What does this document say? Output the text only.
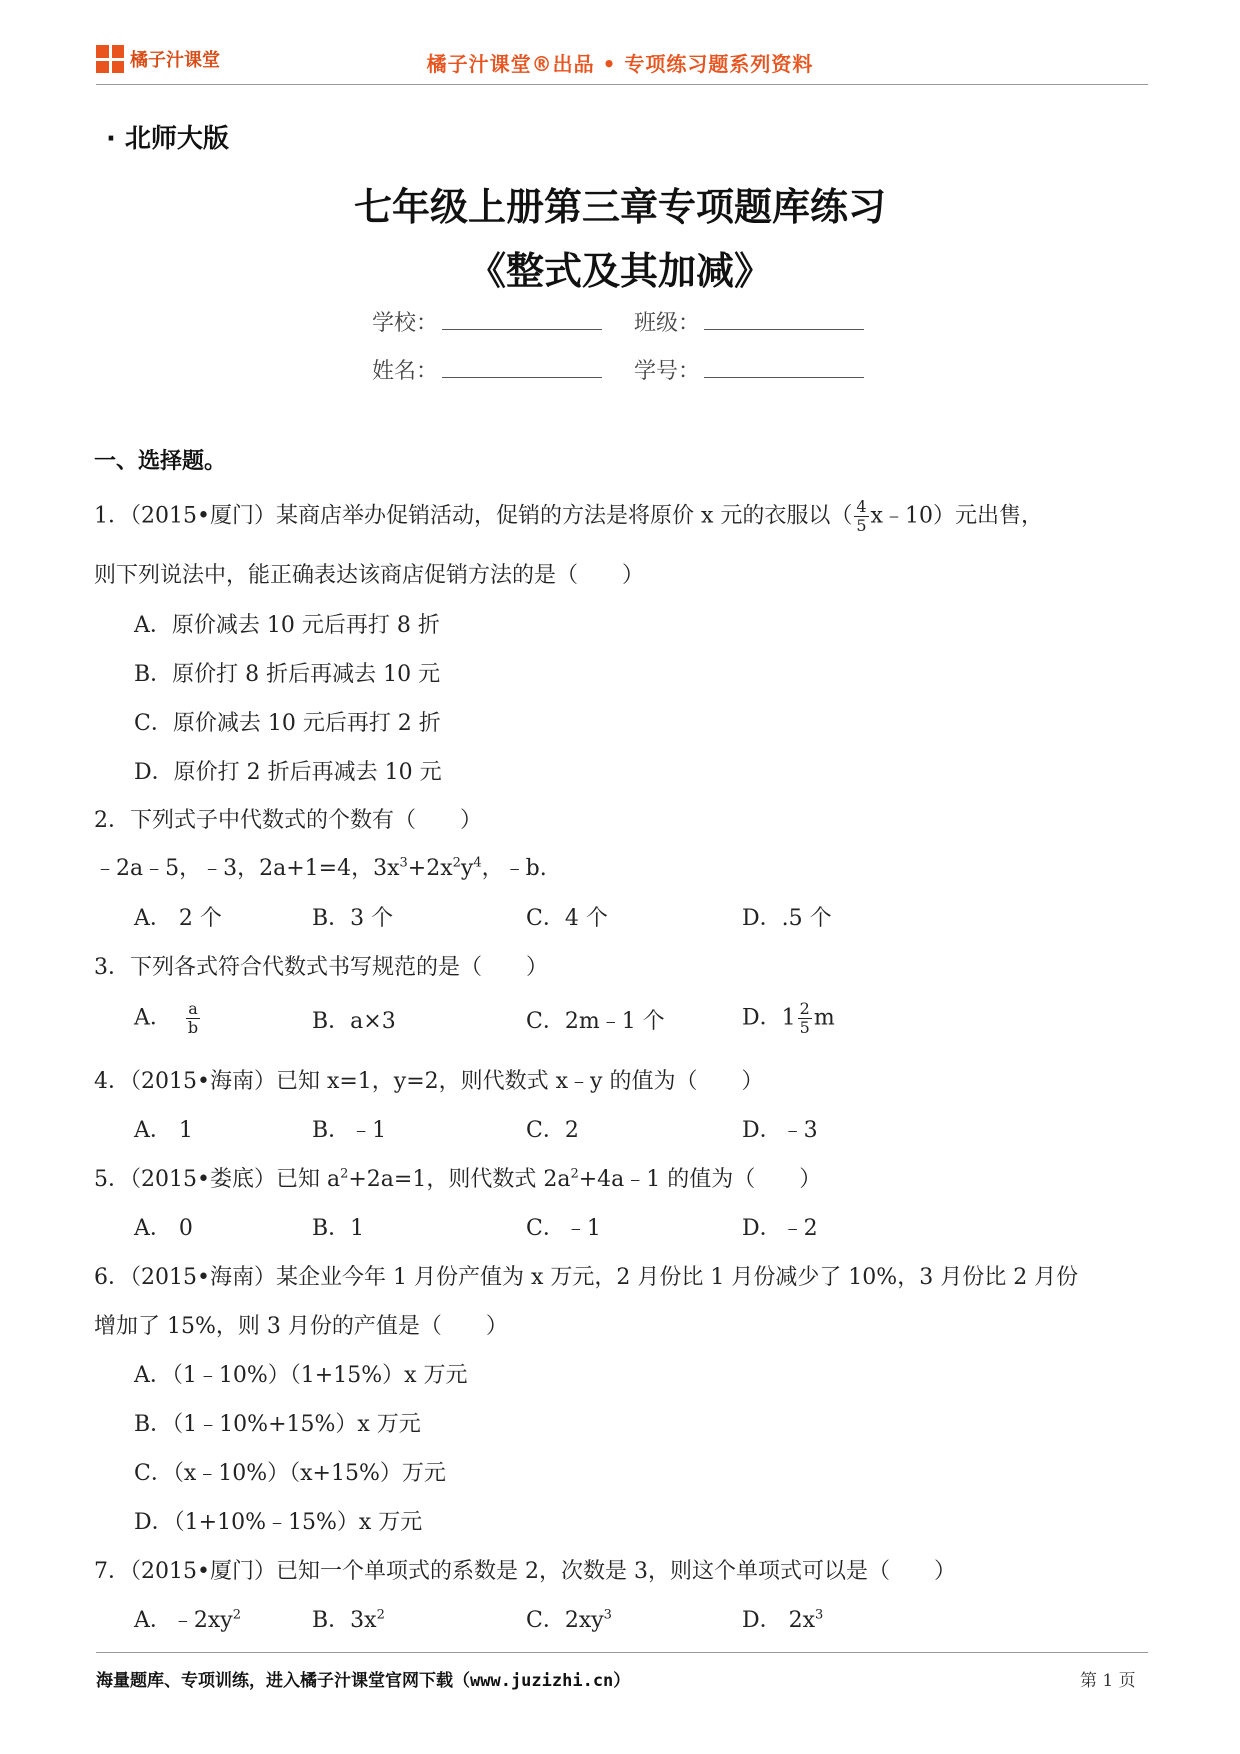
橘子汁课堂	橘子汁课堂®出品 • 专项练习题系列资料
· 北师大版
七年级上册第三章专项题库练习
《整式及其加减》
学校：	班级：
姓名：	学号：
一、选择题。
1．（2015•厦门）某商店举办促销活动，促销的方法是将原价 x 元的衣服以（ $\frac{4}{5}$ x﹣10）元出售，
则下列说法中，能正确表达该商店促销方法的是（　　）
A．原价减去 10 元后再打 8 折
B．原价打 8 折后再减去 10 元
C．原价减去 10 元后再打 2 折
D．原价打 2 折后再减去 10 元
2．下列式子中代数式的个数有（　　）
﹣2a﹣5，﹣3，2a+1=4，$3x^3+2x^2y^4$，﹣b.
A． 2 个	B．3 个	C．4 个	D．.5 个
3．下列各式符合代数式书写规范的是（　　）
A． $\frac{a}{b}$	B．a×3	C．2m﹣1 个	D．$1 \frac{2}{5}$ m
4．（2015•海南）已知 x=1，y=2，则代数式 x﹣y 的值为（　　）
A． 1	B．﹣1	C．2	D．﹣3
5．（2015•娄底）已知 $a^2+2a=1$，则代数式 $2a^2+4a﹣1$ 的值为（　　）
A． 0	B．1	C．﹣1	D．﹣2
6．（2015•海南）某企业今年 1 月份产值为 x 万元，2 月份比 1 月份减少了 10%，3 月份比 2 月份
增加了 15%，则 3 月份的产值是（　　）
A．（1﹣10%）（1+15%）x 万元
B．（1﹣10%+15%）x 万元
C．（x﹣10%）（x+15%）万元
D．（1+10%﹣15%）x 万元
7．（2015•厦门）已知一个单项式的系数是 2，次数是 3，则这个单项式可以是（　　）
A．$﹣2xy^2$	B．$3x^2$	C．$2xy^3$	D． $2x^3$
海量题库、专项训练，进入橘子汁课堂官网下载（www.juzizhi.cn）	第 1 页
